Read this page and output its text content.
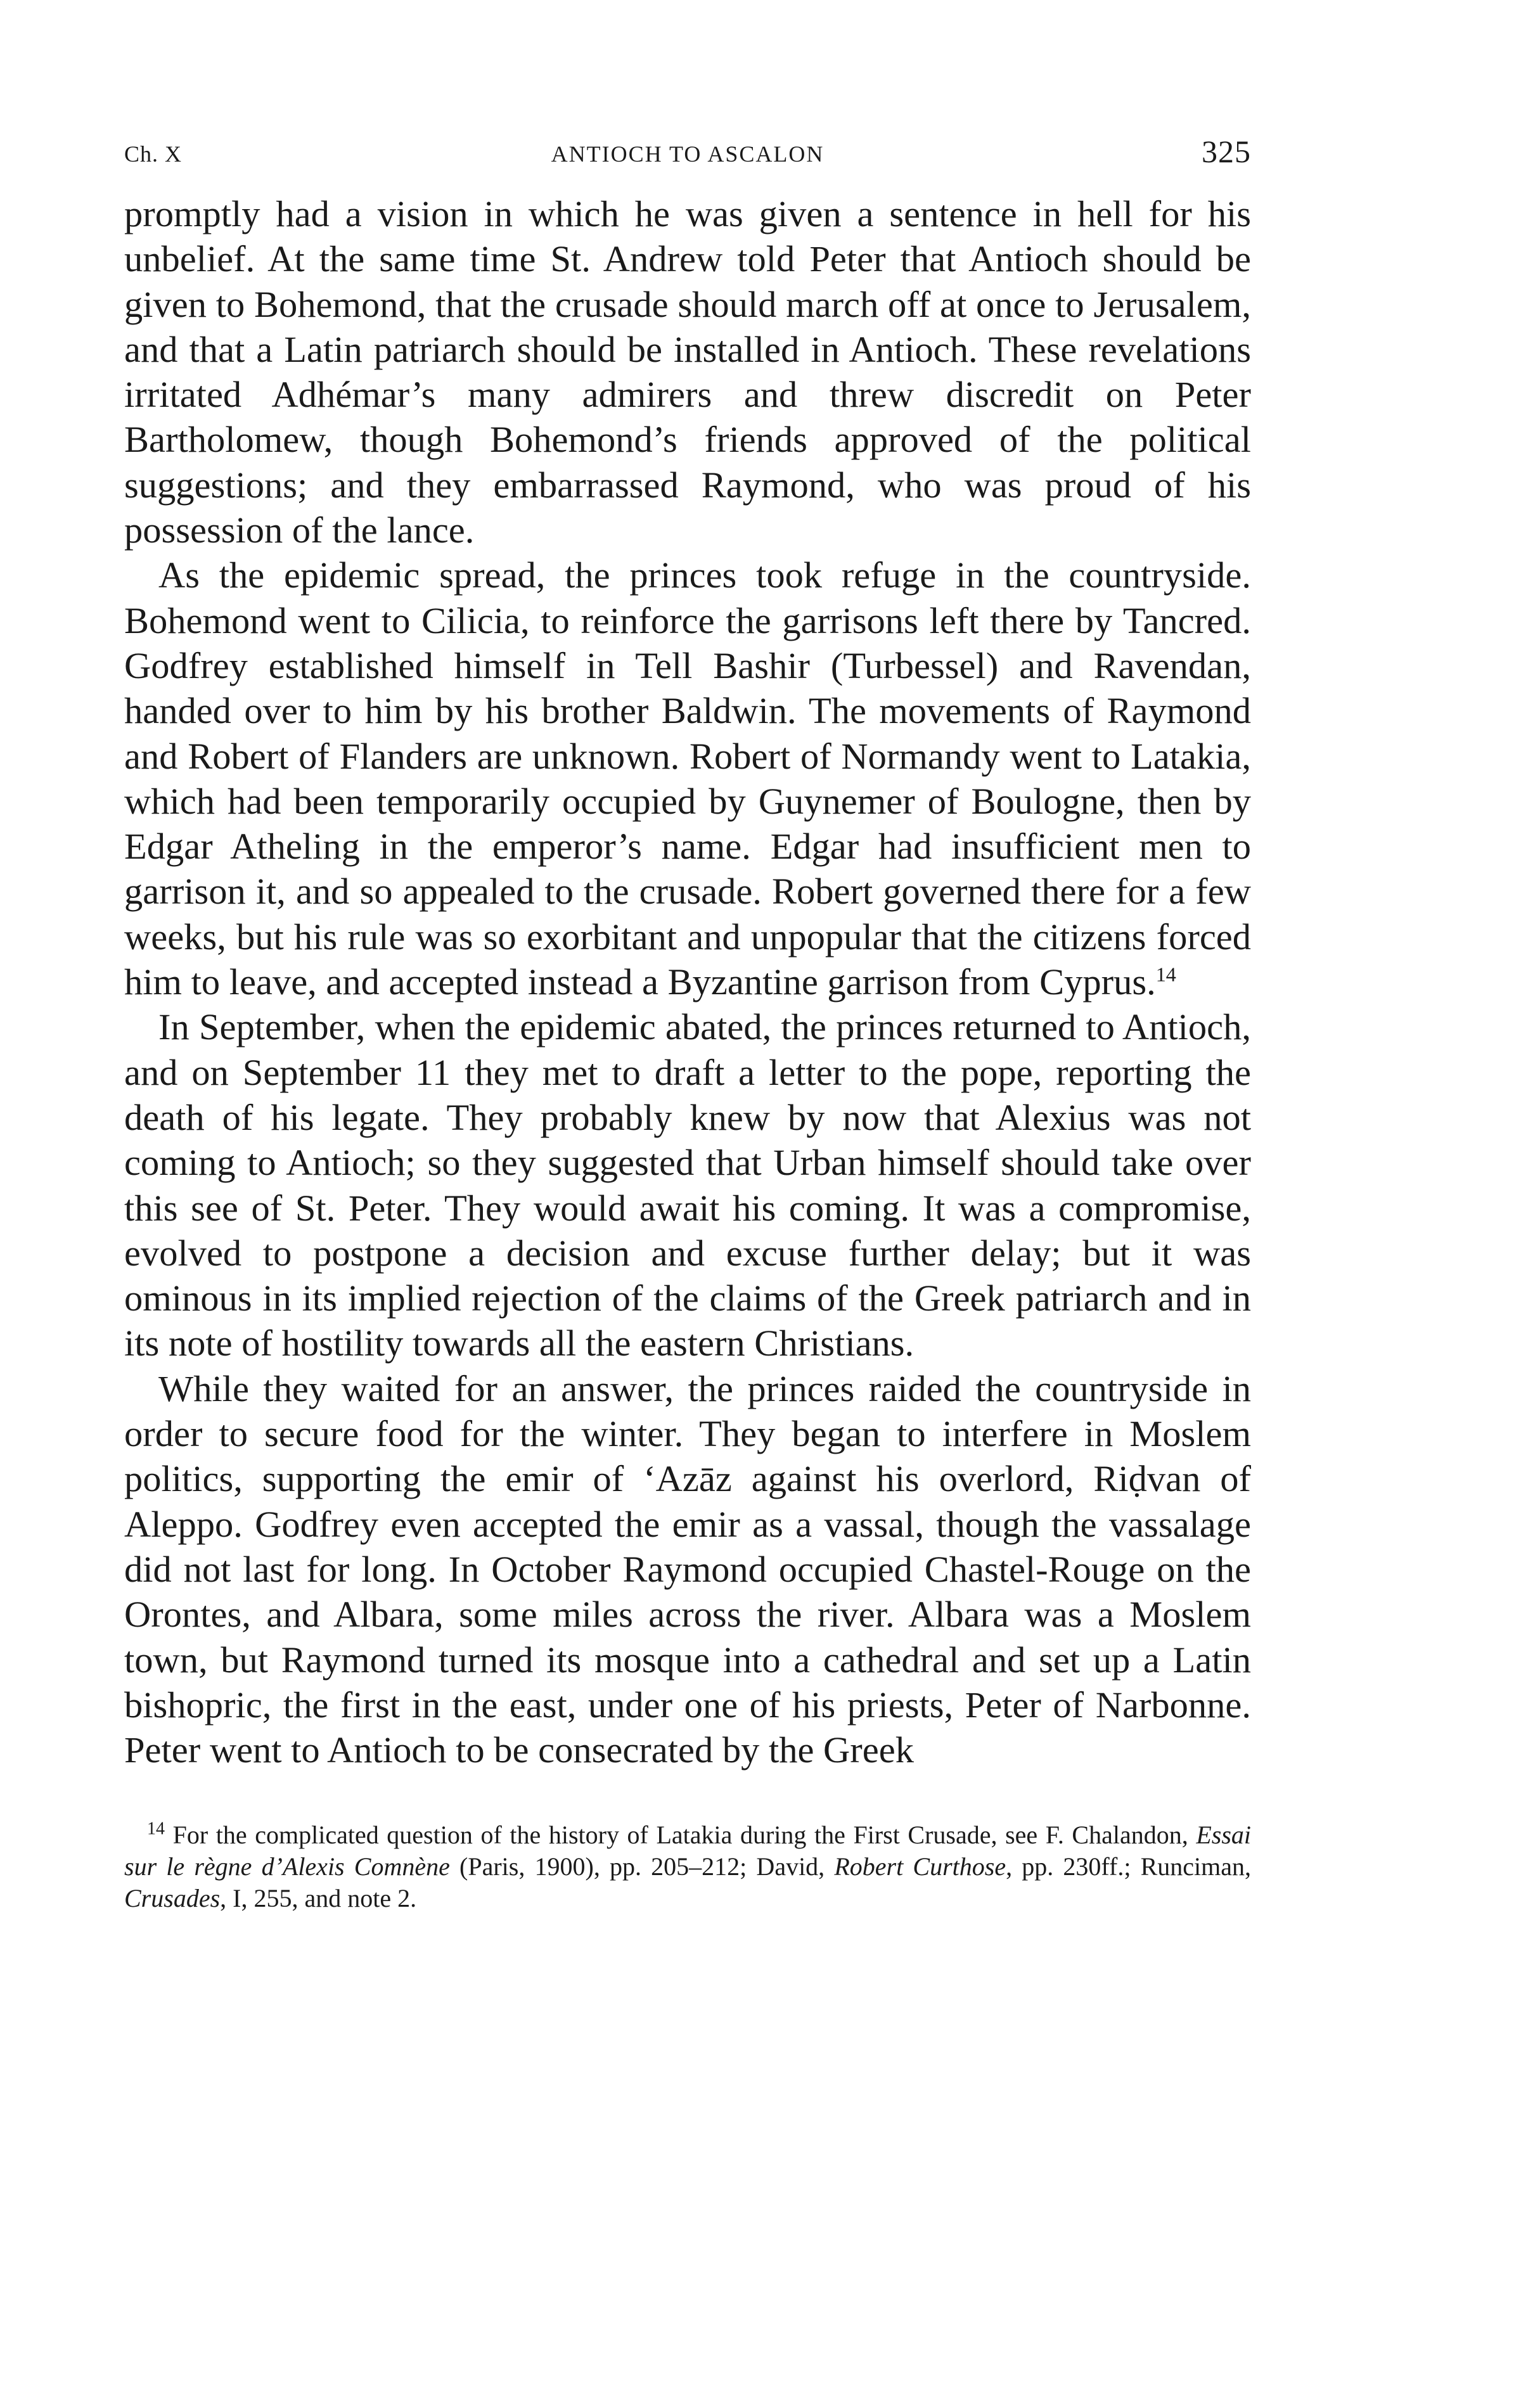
Ch. X	ANTIOCH TO ASCALON	325

promptly had a vision in which he was given a sentence in hell for his unbelief. At the same time St. Andrew told Peter that Antioch should be given to Bohemond, that the crusade should march off at once to Jerusalem, and that a Latin patriarch should be installed in Antioch. These revelations irritated Adhémar’s many admirers and threw discredit on Peter Bartholomew, though Bohemond’s friends approved of the political suggestions; and they embarrassed Raymond, who was proud of his possession of the lance.

As the epidemic spread, the princes took refuge in the countryside. Bohemond went to Cilicia, to reinforce the garrisons left there by Tancred. Godfrey established himself in Tell Bashir (Turbessel) and Ravendan, handed over to him by his brother Baldwin. The movements of Raymond and Robert of Flanders are unknown. Robert of Normandy went to Latakia, which had been temporarily occupied by Guynemer of Boulogne, then by Edgar Atheling in the emperor’s name. Edgar had insufficient men to garrison it, and so appealed to the crusade. Robert governed there for a few weeks, but his rule was so exorbitant and unpopular that the citizens forced him to leave, and accepted instead a Byzantine garrison from Cyprus.$^{14}$

In September, when the epidemic abated, the princes returned to Antioch, and on September 11 they met to draft a letter to the pope, reporting the death of his legate. They probably knew by now that Alexius was not coming to Antioch; so they suggested that Urban himself should take over this see of St. Peter. They would await his coming. It was a compromise, evolved to postpone a decision and excuse further delay; but it was ominous in its implied rejection of the claims of the Greek patriarch and in its note of hostility towards all the eastern Christians.

While they waited for an answer, the princes raided the countryside in order to secure food for the winter. They began to interfere in Moslem politics, supporting the emir of ‘Azāz against his overlord, Riḍvan of Aleppo. Godfrey even accepted the emir as a vassal, though the vassalage did not last for long. In October Raymond occupied Chastel-Rouge on the Orontes, and Albara, some miles across the river. Albara was a Moslem town, but Raymond turned its mosque into a cathedral and set up a Latin bishopric, the first in the east, under one of his priests, Peter of Narbonne. Peter went to Antioch to be consecrated by the Greek

$^{14}$ For the complicated question of the history of Latakia during the First Crusade, see F. Chalandon, Essai sur le règne d’Alexis Comnène (Paris, 1900), pp. 205–212; David, Robert Curthose, pp. 230ff.; Runciman, Crusades, I, 255, and note 2.
